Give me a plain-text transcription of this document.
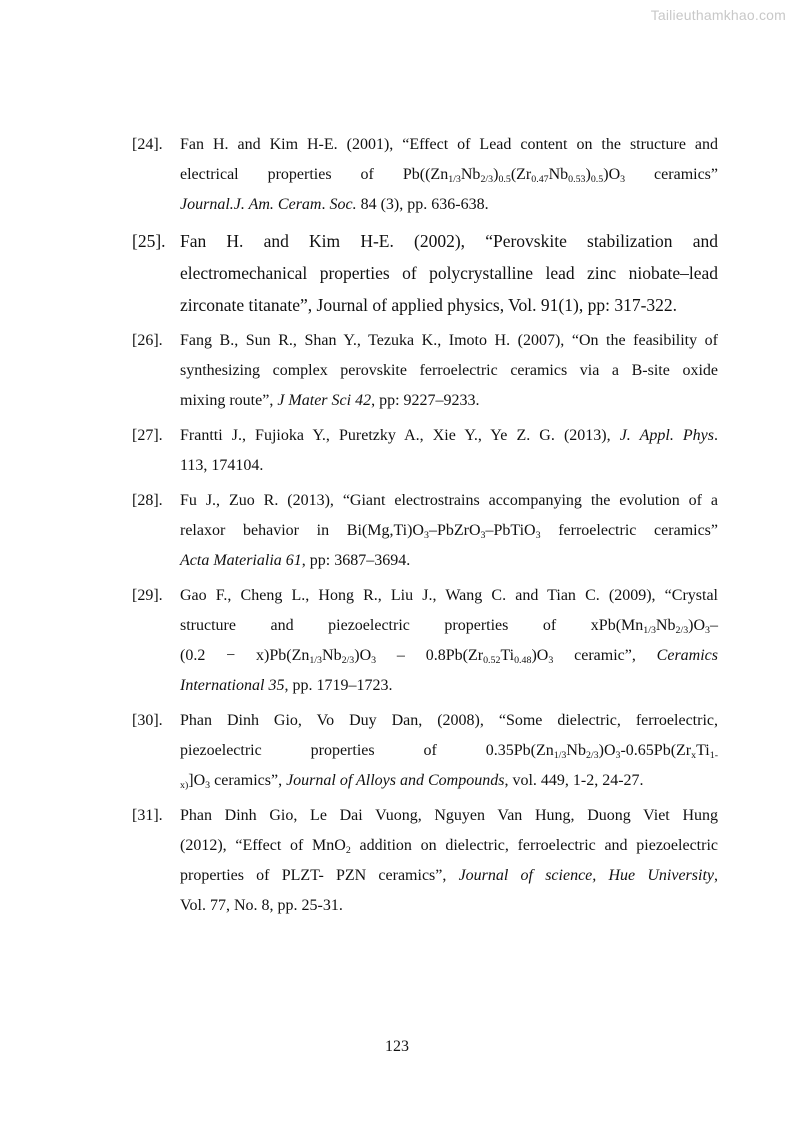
Tailieuthamkhao.com
[24]. Fan H. and Kim H-E. (2001), “Effect of Lead content on the structure and
electrical properties of $Pb((Zn_{1/3}Nb_{2/3})_{0.5}(Zr_{0.47}Nb_{0.53})_{0.5})O_3$ ceramics”
Journal.J. Am. Ceram. Soc. 84 (3), pp. 636-638.
[25]. Fan H. and Kim H-E. (2002), “Perovskite stabilization and
electromechanical properties of polycrystalline lead zinc niobate–lead
zirconate titanate”, Journal of applied physics, Vol. 91(1), pp: 317-322.
[26]. Fang B., Sun R., Shan Y., Tezuka K., Imoto H. (2007), “On the feasibility of
synthesizing complex perovskite ferroelectric ceramics via a B-site oxide
mixing route”, J Mater Sci 42, pp: 9227–9233.
[27]. Frantti J., Fujioka Y., Puretzky A., Xie Y., Ye Z. G. (2013), J. Appl. Phys.
113, 174104.
[28]. Fu J., Zuo R. (2013), “Giant electrostrains accompanying the evolution of a
relaxor behavior in $Bi(Mg,Ti)O_3-PbZrO_3-PbTiO_3$ ferroelectric ceramics”
Acta Materialia 61, pp: 3687–3694.
[29]. Gao F., Cheng L., Hong R., Liu J., Wang C. and Tian C. (2009), “Crystal
structure and piezoelectric properties of $xPb(Mn_{1/3}Nb_{2/3})O_3-$
$(0.2 - x)Pb(Zn_{1/3}Nb_{2/3})O_3 - 0.8Pb(Zr_{0.52}Ti_{0.48})O_3$ ceramic”, Ceramics
International 35, pp. 1719–1723.
[30]. Phan Dinh Gio, Vo Duy Dan, (2008), “Some dielectric, ferroelectric,
piezoelectric properties of $0.35Pb(Zn_{1/3}Nb_{2/3})O_3-0.65Pb(Zr_xTi_{1-}$
$_{x)}]O_3$ ceramics”, Journal of Alloys and Compounds, vol. 449, 1-2, 24-27.
[31]. Phan Dinh Gio, Le Dai Vuong, Nguyen Van Hung, Duong Viet Hung
(2012), “Effect of MnO$_2$ addition on dielectric, ferroelectric and piezoelectric
properties of PLZT- PZN ceramics”, Journal of science, Hue University,
Vol. 77, No. 8, pp. 25-31.
123
